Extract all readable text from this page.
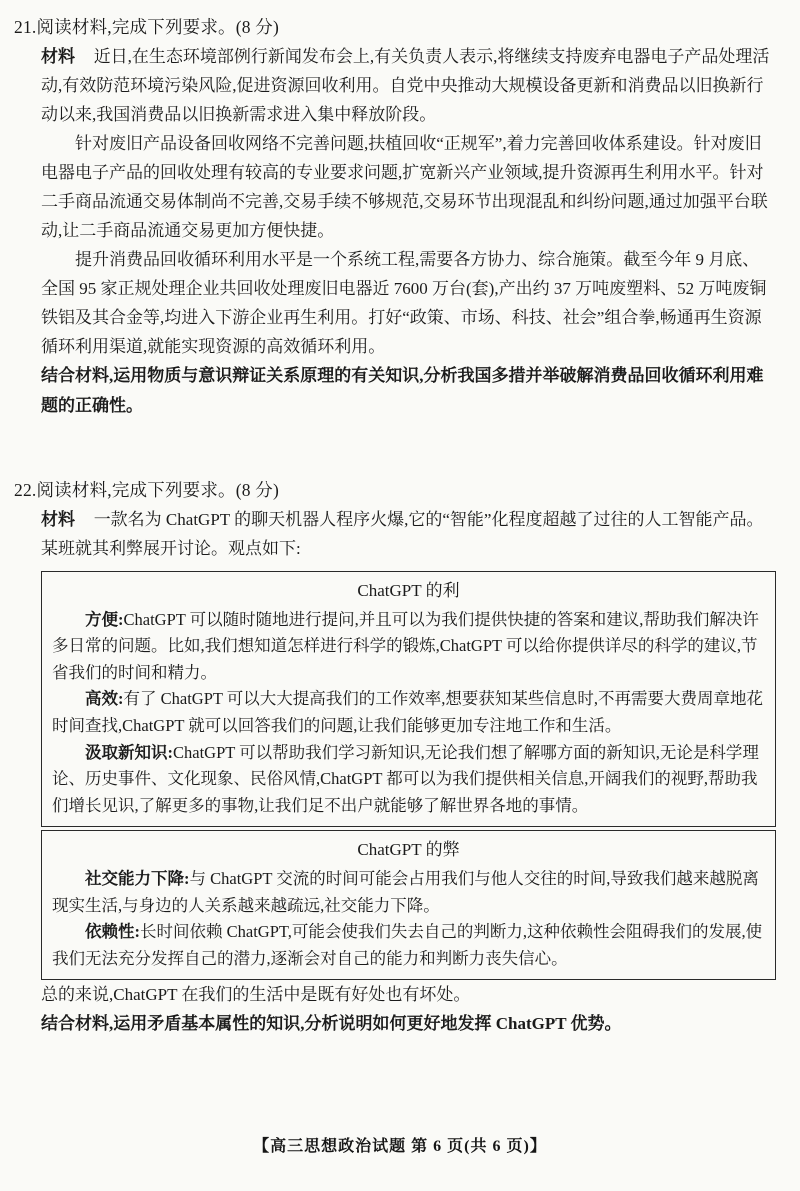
21.阅读材料,完成下列要求。(8 分)

材料 近日,在生态环境部例行新闻发布会上,有关负责人表示,将继续支持废弃电器电子产品处理活动,有效防范环境污染风险,促进资源回收利用。自党中央推动大规模设备更新和消费品以旧换新行动以来,我国消费品以旧换新需求进入集中释放阶段。

针对废旧产品设备回收网络不完善问题,扶植回收“正规军”,着力完善回收体系建设。针对废旧电器电子产品的回收处理有较高的专业要求问题,扩宽新兴产业领域,提升资源再生利用水平。针对二手商品流通交易体制尚不完善,交易手续不够规范,交易环节出现混乱和纠纷问题,通过加强平台联动,让二手商品流通交易更加方便快捷。

提升消费品回收循环利用水平是一个系统工程,需要各方协力、综合施策。截至今年 9 月底、全国 95 家正规处理企业共回收处理废旧电器近 7600 万台(套),产出约 37 万吨废塑料、52 万吨废铜铁铝及其合金等,均进入下游企业再生利用。打好“政策、市场、科技、社会”组合拳,畅通再生资源循环利用渠道,就能实现资源的高效循环利用。

结合材料,运用物质与意识辩证关系原理的有关知识,分析我国多措并举破解消费品回收循环利用难题的正确性。

22.阅读材料,完成下列要求。(8 分)

材料 一款名为 ChatGPT 的聊天机器人程序火爆,它的“智能”化程度超越了过往的人工智能产品。某班就其利弊展开讨论。观点如下:

ChatGPT 的利

方便:ChatGPT 可以随时随地进行提问,并且可以为我们提供快捷的答案和建议,帮助我们解决许多日常的问题。比如,我们想知道怎样进行科学的锻炼,ChatGPT 可以给你提供详尽的科学的建议,节省我们的时间和精力。

高效:有了 ChatGPT 可以大大提高我们的工作效率,想要获知某些信息时,不再需要大费周章地花时间查找,ChatGPT 就可以回答我们的问题,让我们能够更加专注地工作和生活。

汲取新知识:ChatGPT 可以帮助我们学习新知识,无论我们想了解哪方面的新知识,无论是科学理论、历史事件、文化现象、民俗风情,ChatGPT 都可以为我们提供相关信息,开阔我们的视野,帮助我们增长见识,了解更多的事物,让我们足不出户就能够了解世界各地的事情。

ChatGPT 的弊

社交能力下降:与 ChatGPT 交流的时间可能会占用我们与他人交往的时间,导致我们越来越脱离现实生活,与身边的人关系越来越疏远,社交能力下降。

依赖性:长时间依赖 ChatGPT,可能会使我们失去自己的判断力,这种依赖性会阻碍我们的发展,使我们无法充分发挥自己的潜力,逐渐会对自己的能力和判断力丧失信心。

总的来说,ChatGPT 在我们的生活中是既有好处也有坏处。

结合材料,运用矛盾基本属性的知识,分析说明如何更好地发挥 ChatGPT 优势。

【高三思想政治试题 第 6 页(共 6 页)】
